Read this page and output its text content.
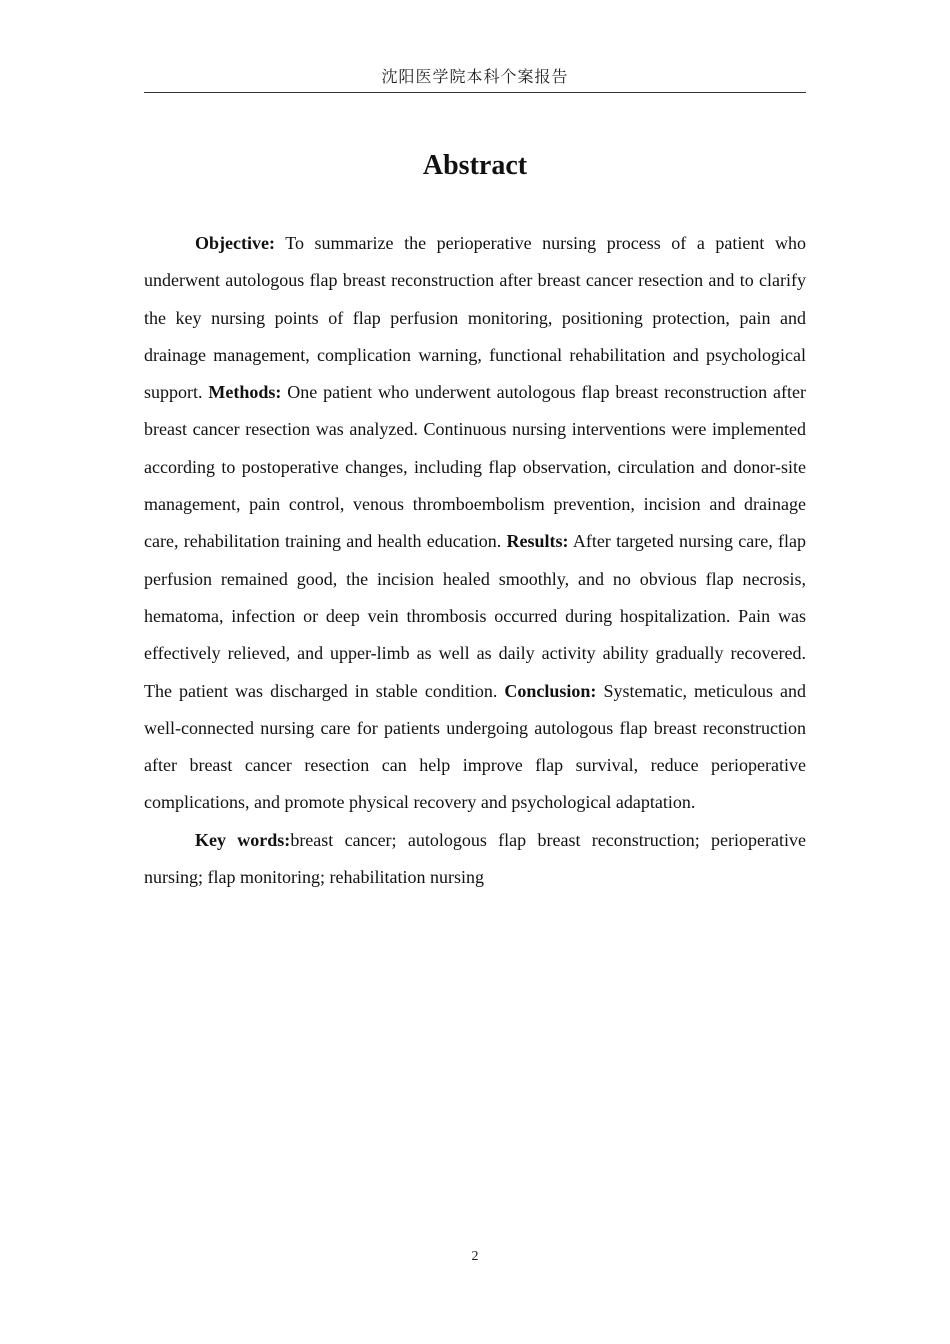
沈阳医学院本科个案报告
Abstract

Objective: To summarize the perioperative nursing process of a patient who underwent autologous flap breast reconstruction after breast cancer resection and to clarify the key nursing points of flap perfusion monitoring, positioning protection, pain and drainage management, complication warning, functional rehabilitation and psychological support. Methods: One patient who underwent autologous flap breast reconstruction after breast cancer resection was analyzed. Continuous nursing interventions were implemented according to postoperative changes, including flap observation, circulation and donor-site management, pain control, venous thromboembolism prevention, incision and drainage care, rehabilitation training and health education. Results: After targeted nursing care, flap perfusion remained good, the incision healed smoothly, and no obvious flap necrosis, hematoma, infection or deep vein thrombosis occurred during hospitalization. Pain was effectively relieved, and upper-limb as well as daily activity ability gradually recovered. The patient was discharged in stable condition. Conclusion: Systematic, meticulous and well-connected nursing care for patients undergoing autologous flap breast reconstruction after breast cancer resection can help improve flap survival, reduce perioperative complications, and promote physical recovery and psychological adaptation.

Key words:breast cancer; autologous flap breast reconstruction; perioperative nursing; flap monitoring; rehabilitation nursing

2
